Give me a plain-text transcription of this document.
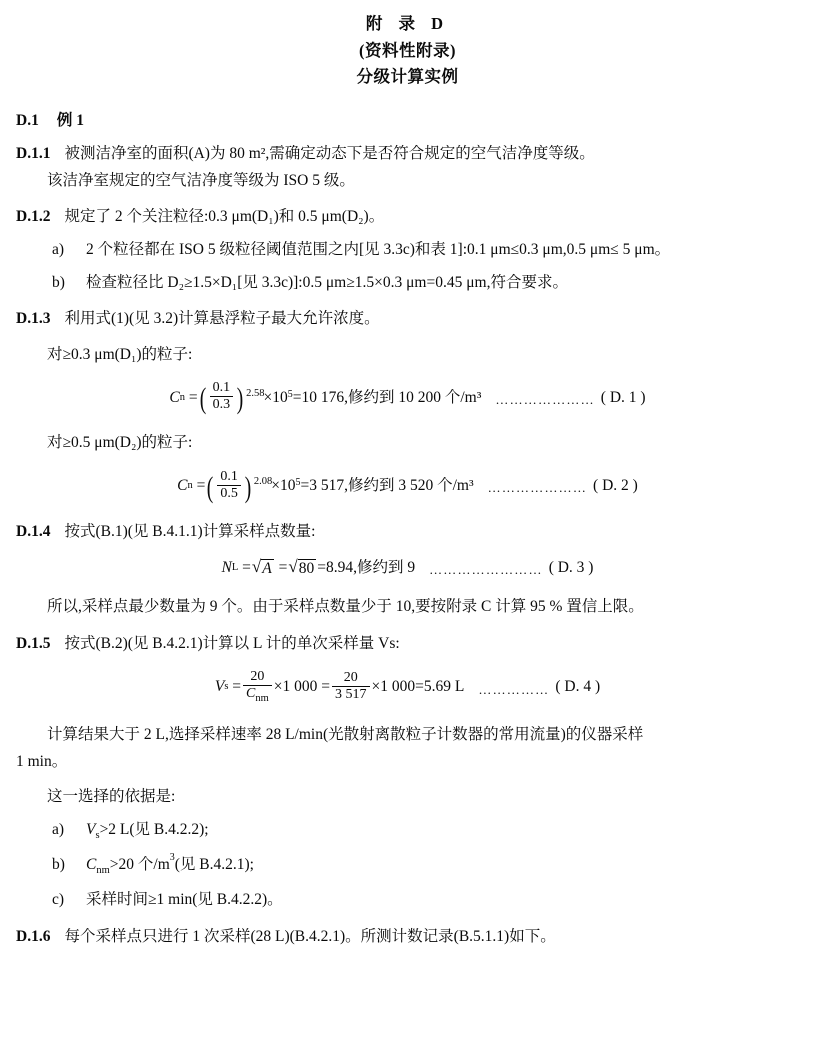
附 录 D
(资料性附录)
分级计算实例
D.1 例 1
D.1.1 被测洁净室的面积(A)为 80 m²,需确定动态下是否符合规定的空气洁净度等级。
该洁净室规定的空气洁净度等级为 ISO 5 级。
D.1.2 规定了 2 个关注粒径:0.3 μm(D₁)和 0.5 μm(D₂)。
a)	2 个粒径都在 ISO 5 级粒径阈值范围之内[见 3.3c)和表 1]:0.1 μm≤0.3 μm,0.5 μm≤ 5 μm。
b)	检查粒径比 D₂≥1.5×D₁[见 3.3c)]:0.5 μm≥1.5×0.3 μm=0.45 μm,符合要求。
D.1.3 利用式(1)(见 3.2)计算悬浮粒子最大允许浓度。
对≥0.3 μm(D₁)的粒子:
C n = ( $\frac{0.1}{0.3}$ ) $^{2.58} \times 10^5 =10$ 176,修约到 10 200 个/m³ ………………… ( D. 1 )
对≥0.5 μm(D₂)的粒子:
C n = ( $\frac{0.1}{0.5}$ ) $^{2.08} \times 10^5 =3$ 517,修约到 3 520 个/m³ ………………… ( D. 2 )
D.1.4 按式(B.1)(见 B.4.1.1)计算采样点数量:
N L = √ A = √ 80 =8.94,修约到 9 …………………… ( D. 3 )
所以,采样点最少数量为 9 个。由于采样点数量少于 10,要按附录 C 计算 95 % 置信上限。
D.1.5 按式(B.2)(见 B.4.2.1)计算以 L 计的单次采样量 Vs:
V $s = \frac{20}{C_{nm}} \times 1$ $000 = \frac{20}{3 517} \times 1$ 000=5.69 L …………… ( D. 4 )
计算结果大于 2 L,选择采样速率 28 L/min(光散射离散粒子计数器的常用流量)的仪器采样
1 min。
这一选择的依据是:
a)	$V_s>2$ L(见 B.4.2.2);
b)	$C_{nm}>20$ 个$/m^3$(见 B.4.2.1);
c)	采样时间≥1 min(见 B.4.2.2)。
D.1.6 每个采样点只进行 1 次采样(28 L)(B.4.2.1)。所测计数记录(B.5.1.1)如下。
